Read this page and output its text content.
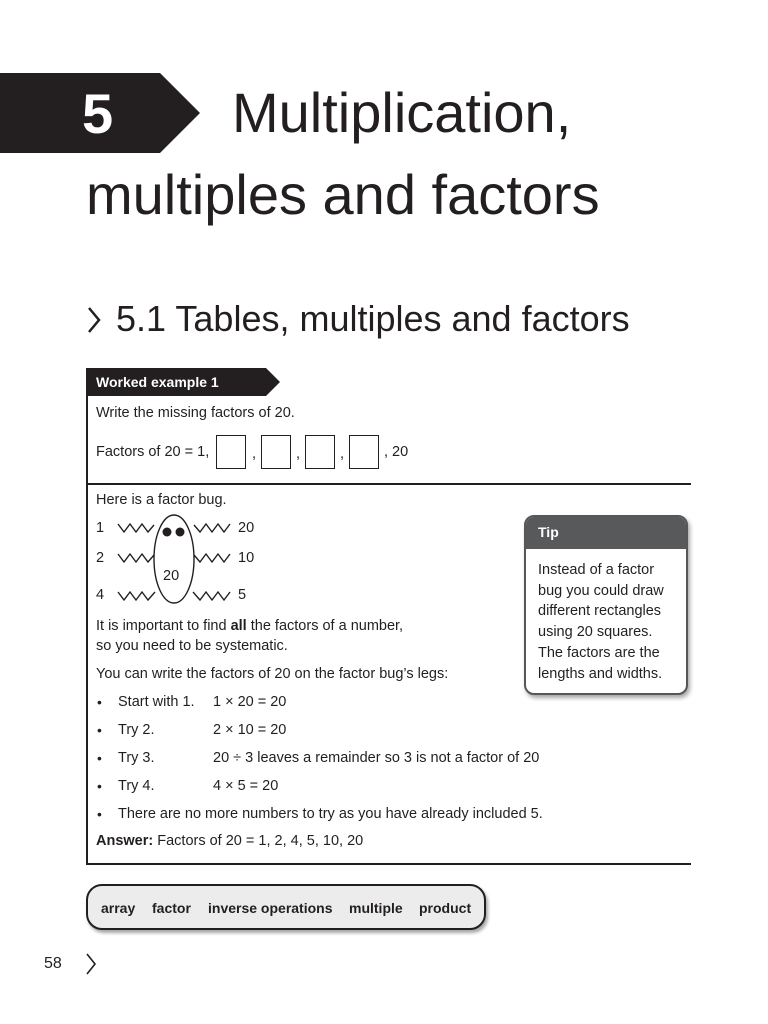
5 Multiplication,
multiples and factors
5.1 Tables, multiples and factors
Worked example 1
Write the missing factors of 20.
Factors of 20 = 1,	,	,	,	, 20
Here is a factor bug.
20
1
2
4
20
10
5
It is important to find all the factors of a number,
so you need to be systematic.
You can write the factors of 20 on the factor bug’s legs:
• Start with 1. 1 × 20 = 20
• Try 2.	2 × 10 = 20
• Try 3.	20 ÷ 3 leaves a remainder so 3 is not a factor of 20
• Try 4.	4 × 5 = 20
• There are no more numbers to try as you have already included 5.
Answer: Factors of 20 = 1, 2, 4, 5, 10, 20
Tip
Instead of a factor
bug you could draw
different rectangles
using 20 squares.
The factors are the
lengths and widths.
array factor inverse operations multiple product
58
